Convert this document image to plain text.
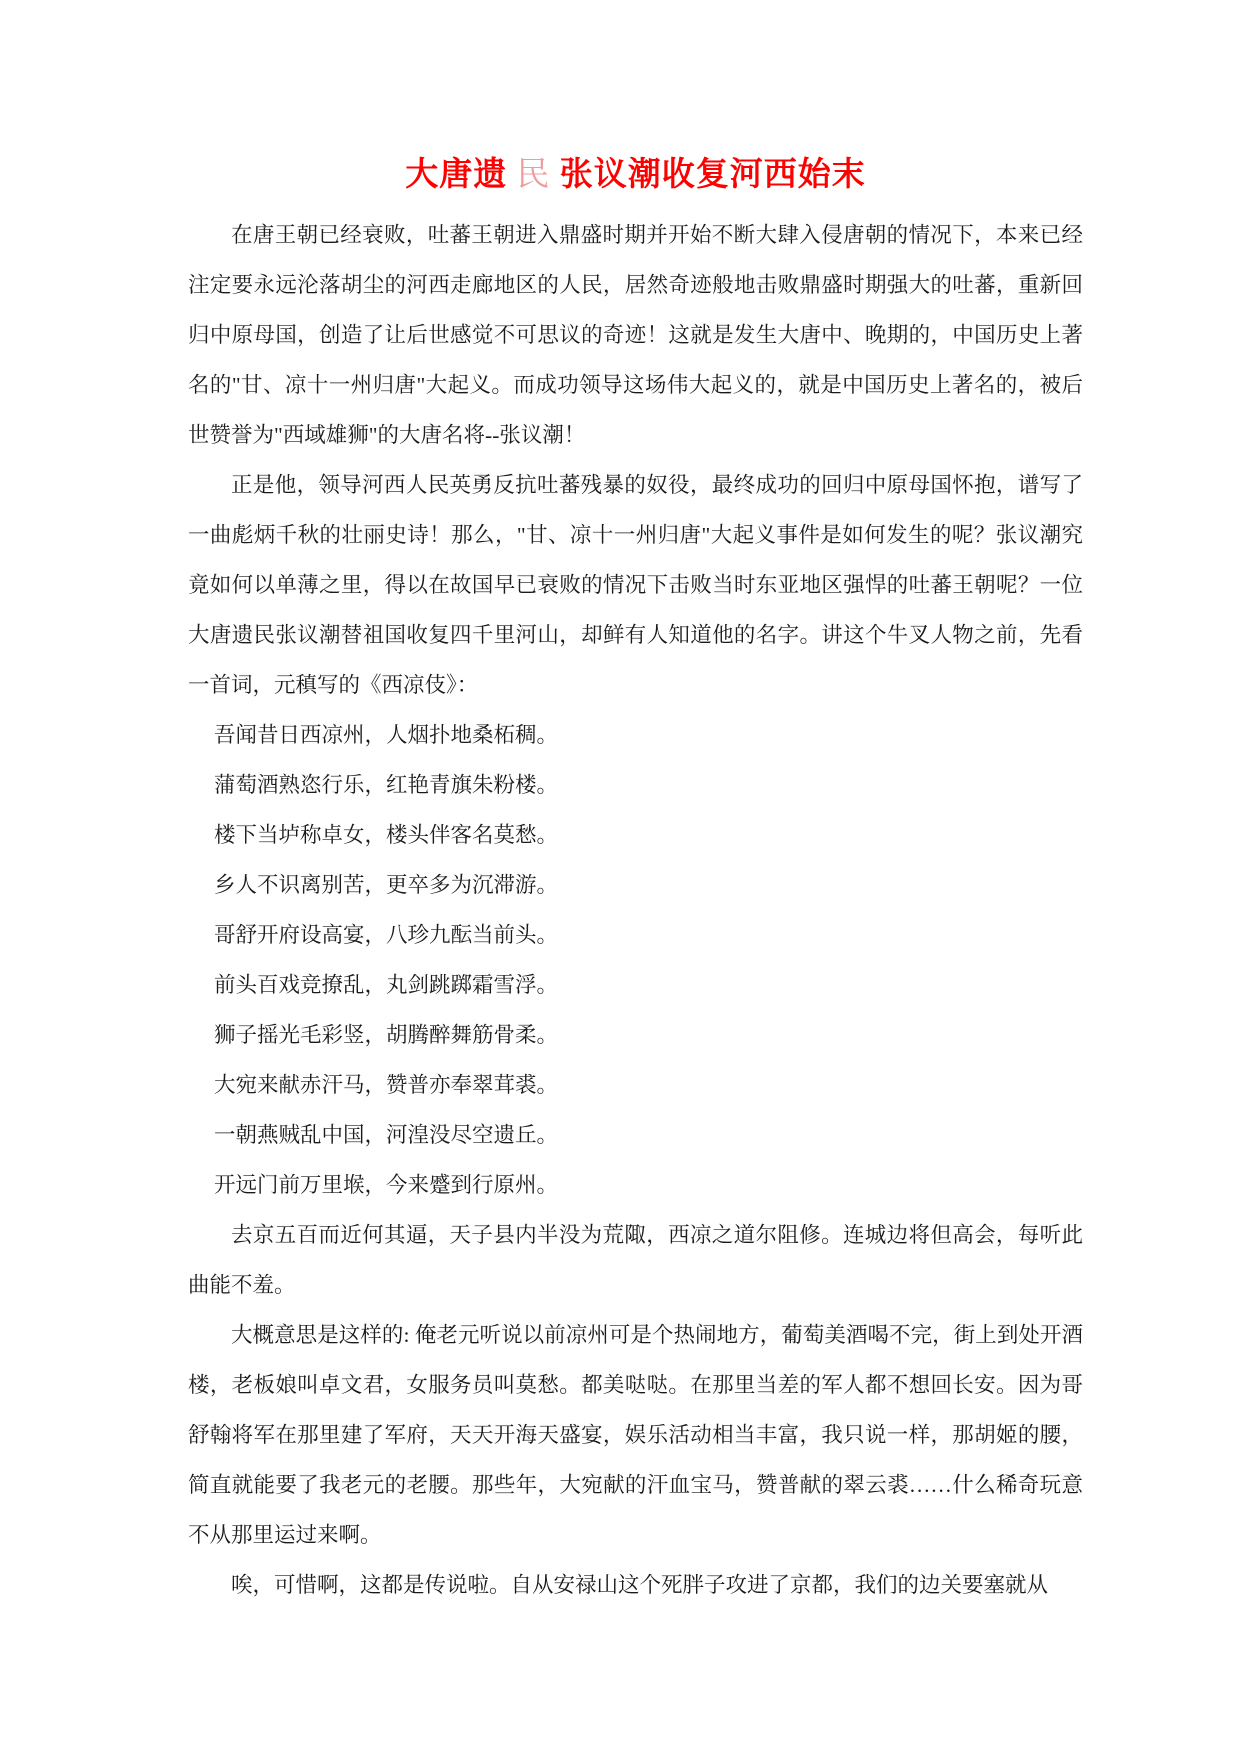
大唐遗 民 张议潮收复河西始末

在唐王朝已经衰败，吐蕃王朝进入鼎盛时期并开始不断大肆入侵唐朝的情况下，本来已经注定要永远沦落胡尘的河西走廊地区的人民，居然奇迹般地击败鼎盛时期强大的吐蕃，重新回归中原母国，创造了让后世感觉不可思议的奇迹！这就是发生大唐中、晚期的，中国历史上著名的"甘、凉十一州归唐"大起义。而成功领导这场伟大起义的，就是中国历史上著名的，被后世赞誉为"西域雄狮"的大唐名将--张议潮！

正是他，领导河西人民英勇反抗吐蕃残暴的奴役，最终成功的回归中原母国怀抱，谱写了一曲彪炳千秋的壮丽史诗！那么，"甘、凉十一州归唐"大起义事件是如何发生的呢？张议潮究竟如何以单薄之里，得以在故国早已衰败的情况下击败当时东亚地区强悍的吐蕃王朝呢？一位大唐遗民张议潮替祖国收复四千里河山，却鲜有人知道他的名字。讲这个牛叉人物之前，先看一首词，元稹写的《西凉伎》：

吾闻昔日西凉州，人烟扑地桑柘稠。

蒲萄酒熟恣行乐，红艳青旗朱粉楼。

楼下当垆称卓女，楼头伴客名莫愁。

乡人不识离别苦，更卒多为沉滞游。

哥舒开府设高宴，八珍九酝当前头。

前头百戏竞撩乱，丸剑跳踯霜雪浮。

狮子摇光毛彩竖，胡腾醉舞筋骨柔。

大宛来献赤汗马，赞普亦奉翠茸裘。

一朝燕贼乱中国，河湟没尽空遗丘。

开远门前万里堠，今来蹙到行原州。

去京五百而近何其逼，天子县内半没为荒陬，西凉之道尔阻修。连城边将但高会，每听此曲能不羞。

大概意思是这样的: 俺老元听说以前凉州可是个热闹地方，葡萄美酒喝不完，街上到处开酒楼，老板娘叫卓文君，女服务员叫莫愁。都美哒哒。在那里当差的军人都不想回长安。因为哥舒翰将军在那里建了军府，天天开海天盛宴，娱乐活动相当丰富，我只说一样，那胡姬的腰，简直就能要了我老元的老腰。那些年，大宛献的汗血宝马，赞普献的翠云裘……什么稀奇玩意不从那里运过来啊。

唉，可惜啊，这都是传说啦。自从安禄山这个死胖子攻进了京都，我们的边关要塞就从
